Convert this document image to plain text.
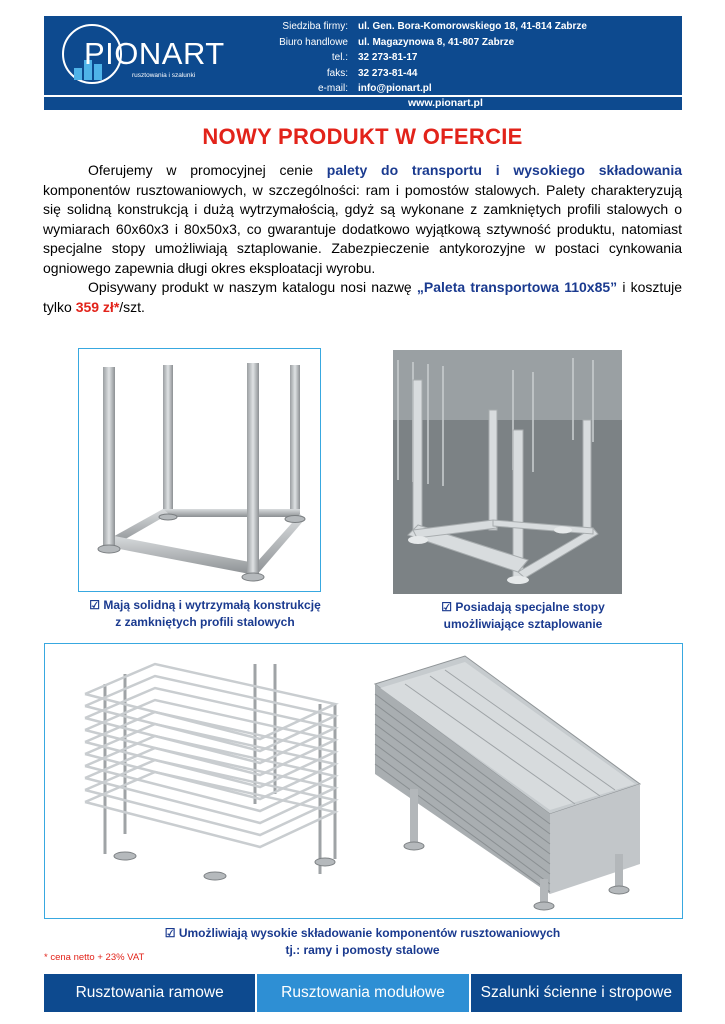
PIONART
rusztowania i szalunki
Siedziba firmy:	ul. Gen. Bora-Komorowskiego 18, 41-814 Zabrze
Biuro handlowe	ul. Magazynowa 8, 41-807 Zabrze
tel.:	32 273-81-17
faks:	32 273-81-44
e-mail:	info@pionart.pl
www.pionart.pl
NOWY PRODUKT W OFERCIE

Oferujemy w promocyjnej cenie palety do transportu i wysokiego składowania komponentów rusztowaniowych, w szczególności: ram i pomostów stalowych. Palety charakteryzują się solidną konstrukcją i dużą wytrzymałością, gdyż są wykonane z zamkniętych profili stalowych o wymiarach 60x60x3 i 80x50x3, co gwarantuje dodatkowo wyjątkową sztywność produktu, natomiast specjalne stopy umożliwiają sztaplowanie. Zabezpieczenie antykorozyjne w postaci cynkowania ogniowego zapewnia długi okres eksploatacji wyrobu.

Opisywany produkt w naszym katalogu nosi nazwę „Paleta transportowa 110x85” i kosztuje tylko 359 zł*/szt.

☑ Mają solidną i wytrzymałą konstrukcję
z zamkniętych profili stalowych
☑ Posiadają specjalne stopy
umożliwiające sztaplowanie
☑ Umożliwiają wysokie składowanie komponentów rusztowaniowych
tj.: ramy i pomosty stalowe
* cena netto + 23% VAT
Rusztowania ramowe	Rusztowania modułowe	Szalunki ścienne i stropowe
